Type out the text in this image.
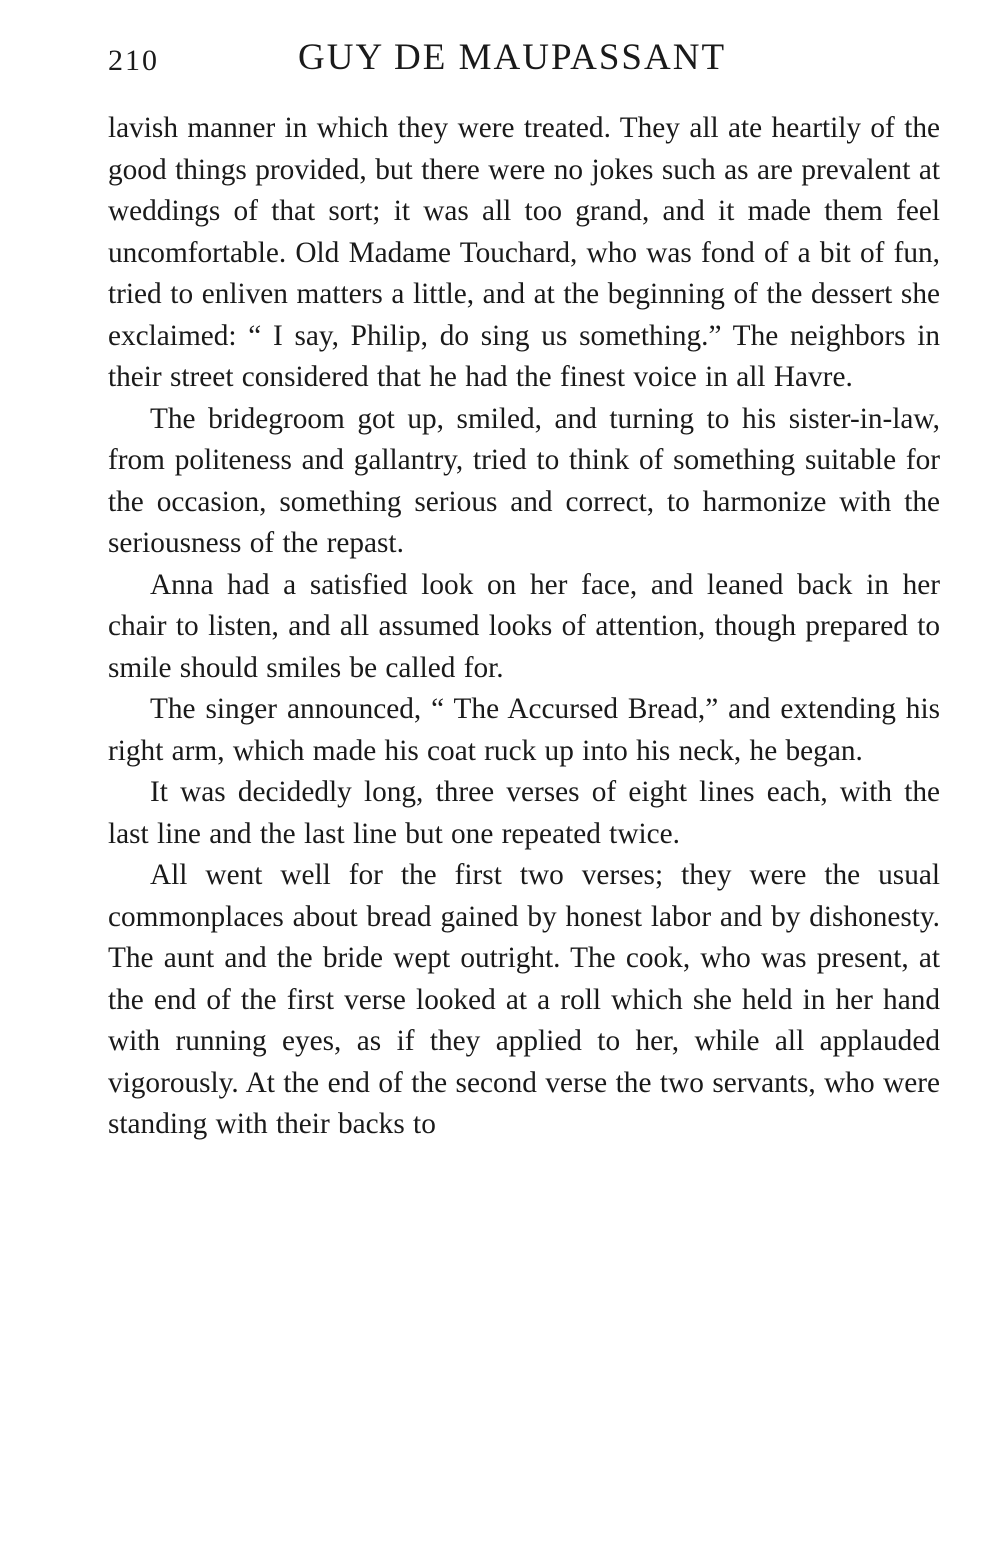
210	GUY DE MAUPASSANT

lavish manner in which they were treated. They all ate heartily of the good things provided, but there were no jokes such as are prevalent at weddings of that sort; it was all too grand, and it made them feel uncomfortable. Old Madame Touchard, who was fond of a bit of fun, tried to enliven matters a little, and at the beginning of the dessert she exclaimed: “ I say, Philip, do sing us something.” The neighbors in their street considered that he had the finest voice in all Havre.

The bridegroom got up, smiled, and turning to his sister-in-law, from politeness and gallantry, tried to think of something suitable for the occasion, something serious and correct, to harmonize with the seriousness of the repast.

Anna had a satisfied look on her face, and leaned back in her chair to listen, and all assumed looks of attention, though prepared to smile should smiles be called for.

The singer announced, “ The Accursed Bread,” and extending his right arm, which made his coat ruck up into his neck, he began.

It was decidedly long, three verses of eight lines each, with the last line and the last line but one repeated twice.

All went well for the first two verses; they were the usual commonplaces about bread gained by honest labor and by dishonesty. The aunt and the bride wept outright. The cook, who was present, at the end of the first verse looked at a roll which she held in her hand with running eyes, as if they applied to her, while all applauded vigorously. At the end of the second verse the two servants, who were standing with their backs to
